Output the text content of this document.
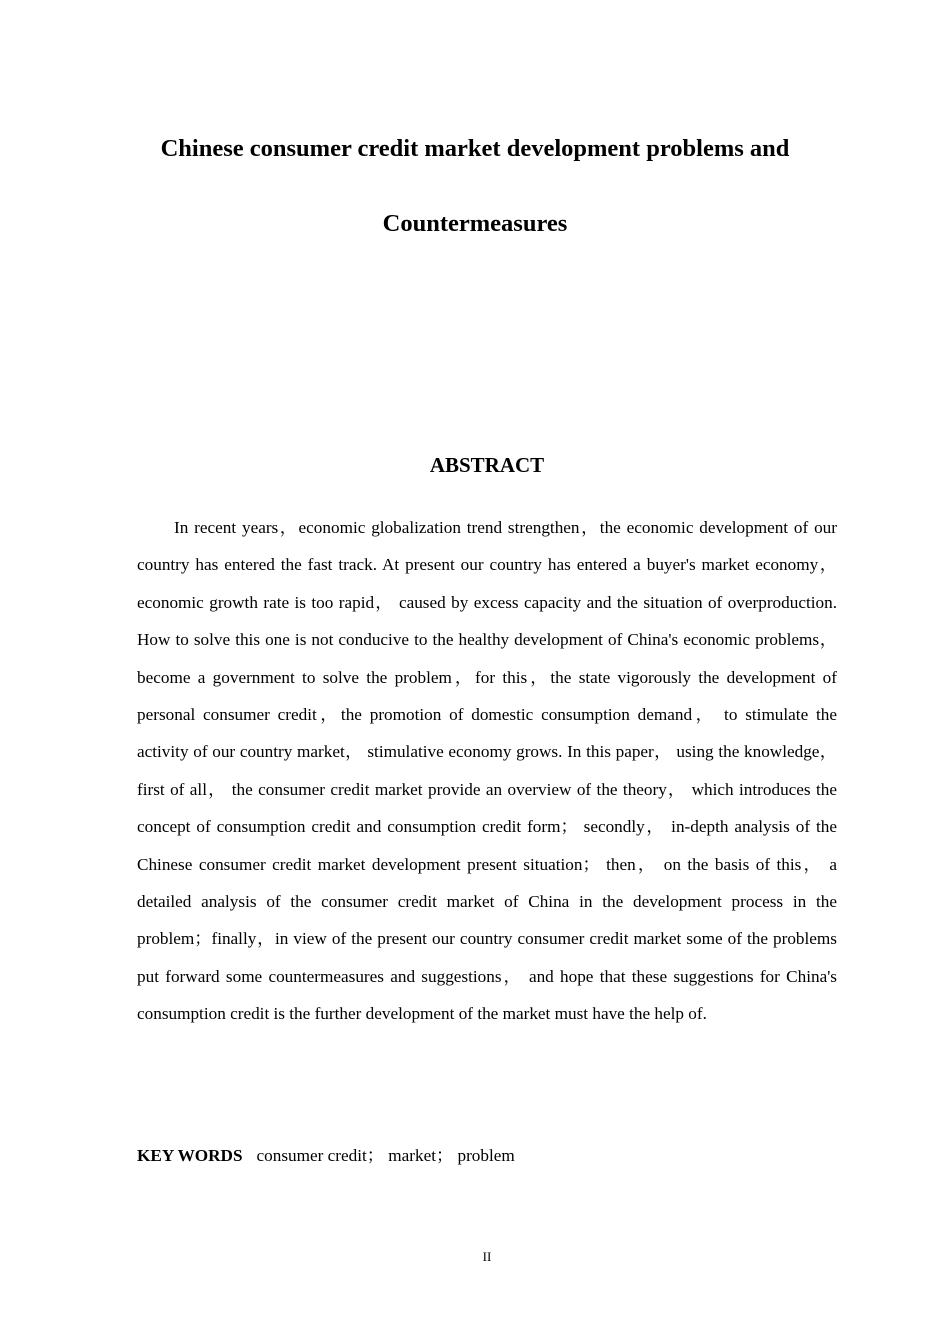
Chinese consumer credit market development problems and
Countermeasures
ABSTRACT

In recent years，economic globalization trend strengthen，the economic development of our country has entered the fast track. At present our country has entered a buyer's market economy， economic growth rate is too rapid， caused by excess capacity and the situation of overproduction. How to solve this one is not conducive to the healthy development of China's economic problems，become a government to solve the problem，for this，the state vigorously the development of personal consumer credit，the promotion of domestic consumption demand， to stimulate the activity of our country market， stimulative economy grows. In this paper， using the knowledge， first of all， the consumer credit market provide an overview of the theory， which introduces the concept of consumption credit and consumption credit form； secondly， in-depth analysis of the Chinese consumer credit market development present situation； then， on the basis of this， a detailed analysis of the consumer credit market of China in the development process in the problem；finally，in view of the present our country consumer credit market some of the problems put forward some countermeasures and suggestions， and hope that these suggestions for China's consumption credit is the further development of the market must have the help of.

KEY WORDS consumer credit； market； problem

II
